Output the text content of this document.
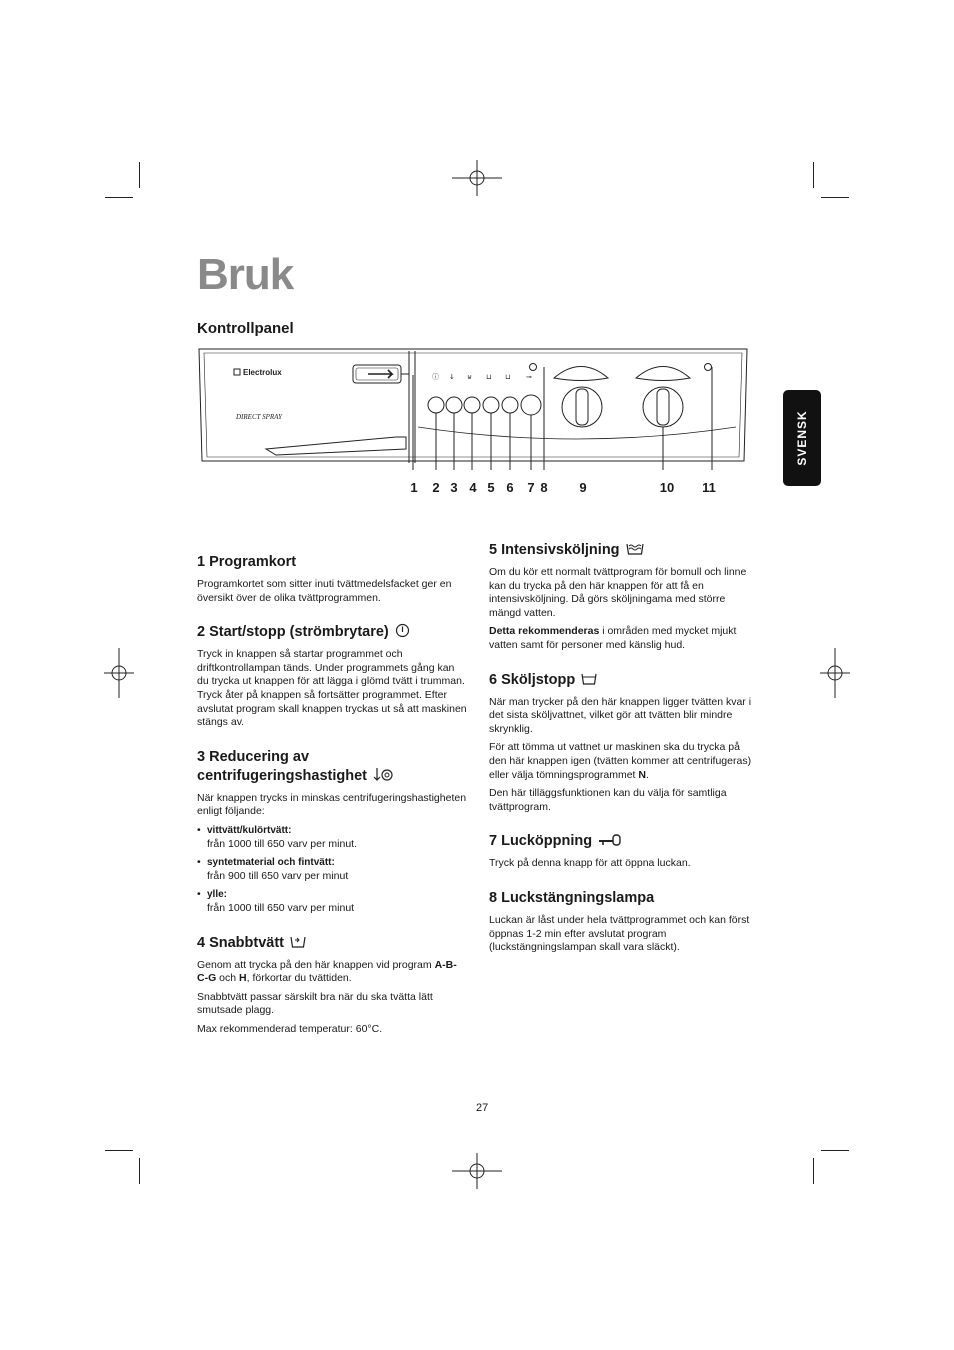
Bruk
Kontrollpanel
Electrolux
DIRECT SPRAY
ⓘ ↓ ⊎ ⊔ ⊔ ⊸
1 2 3 4 5 6 7 8 9	10 11
SVENSK
1 Programkort

Programkortet som sitter inuti tvättmedelsfacket ger en översikt över de olika tvättprogrammen.

2 Start/stopp (strömbrytare)

Tryck in knappen så startar programmet och driftkontrollampan tänds. Under programmets gång kan du trycka ut knappen för att lägga i glömd tvätt i trumman. Tryck åter på knappen så fortsätter programmet. Efter avslutat program skall knappen tryckas ut så att maskinen stängs av.

3 Reducering av centrifugeringshastighet

När knappen trycks in minskas centrifugeringshastigheten enligt följande:

• vittvätt/kulörtvätt:
från 1000 till 650 varv per minut.
• syntetmaterial och fintvätt:
från 900 till 650 varv per minut
• ylle:
från 1000 till 650 varv per minut
4 Snabbtvätt

Genom att trycka på den här knappen vid program A-B-C-G och H, förkortar du tvättiden.

Snabbtvätt passar särskilt bra när du ska tvätta lätt smutsade plagg.

Max rekommenderad temperatur: 60°C.

5 Intensivsköljning

Om du kör ett normalt tvättprogram för bomull och linne kan du trycka på den här knappen för att få en intensivsköljning. Då görs sköljningama med större mängd vatten.

Detta rekommenderas i områden med mycket mjukt vatten samt för personer med känslig hud.

6 Sköljstopp

När man trycker på den här knappen ligger tvätten kvar i det sista sköljvattnet, vilket gör att tvätten blir mindre skrynklig.

För att tömma ut vattnet ur maskinen ska du trycka på den här knappen igen (tvätten kommer att centrifugeras) eller välja tömningsprogrammet N.

Den här tilläggsfunktionen kan du välja för samtliga tvättprogram.

7 Lucköppning

Tryck på denna knapp för att öppna luckan.

8 Luckstängningslampa

Luckan är låst under hela tvättprogrammet och kan först öppnas 1-2 min efter avslutat program (luckstängningslampan skall vara släckt).

27
